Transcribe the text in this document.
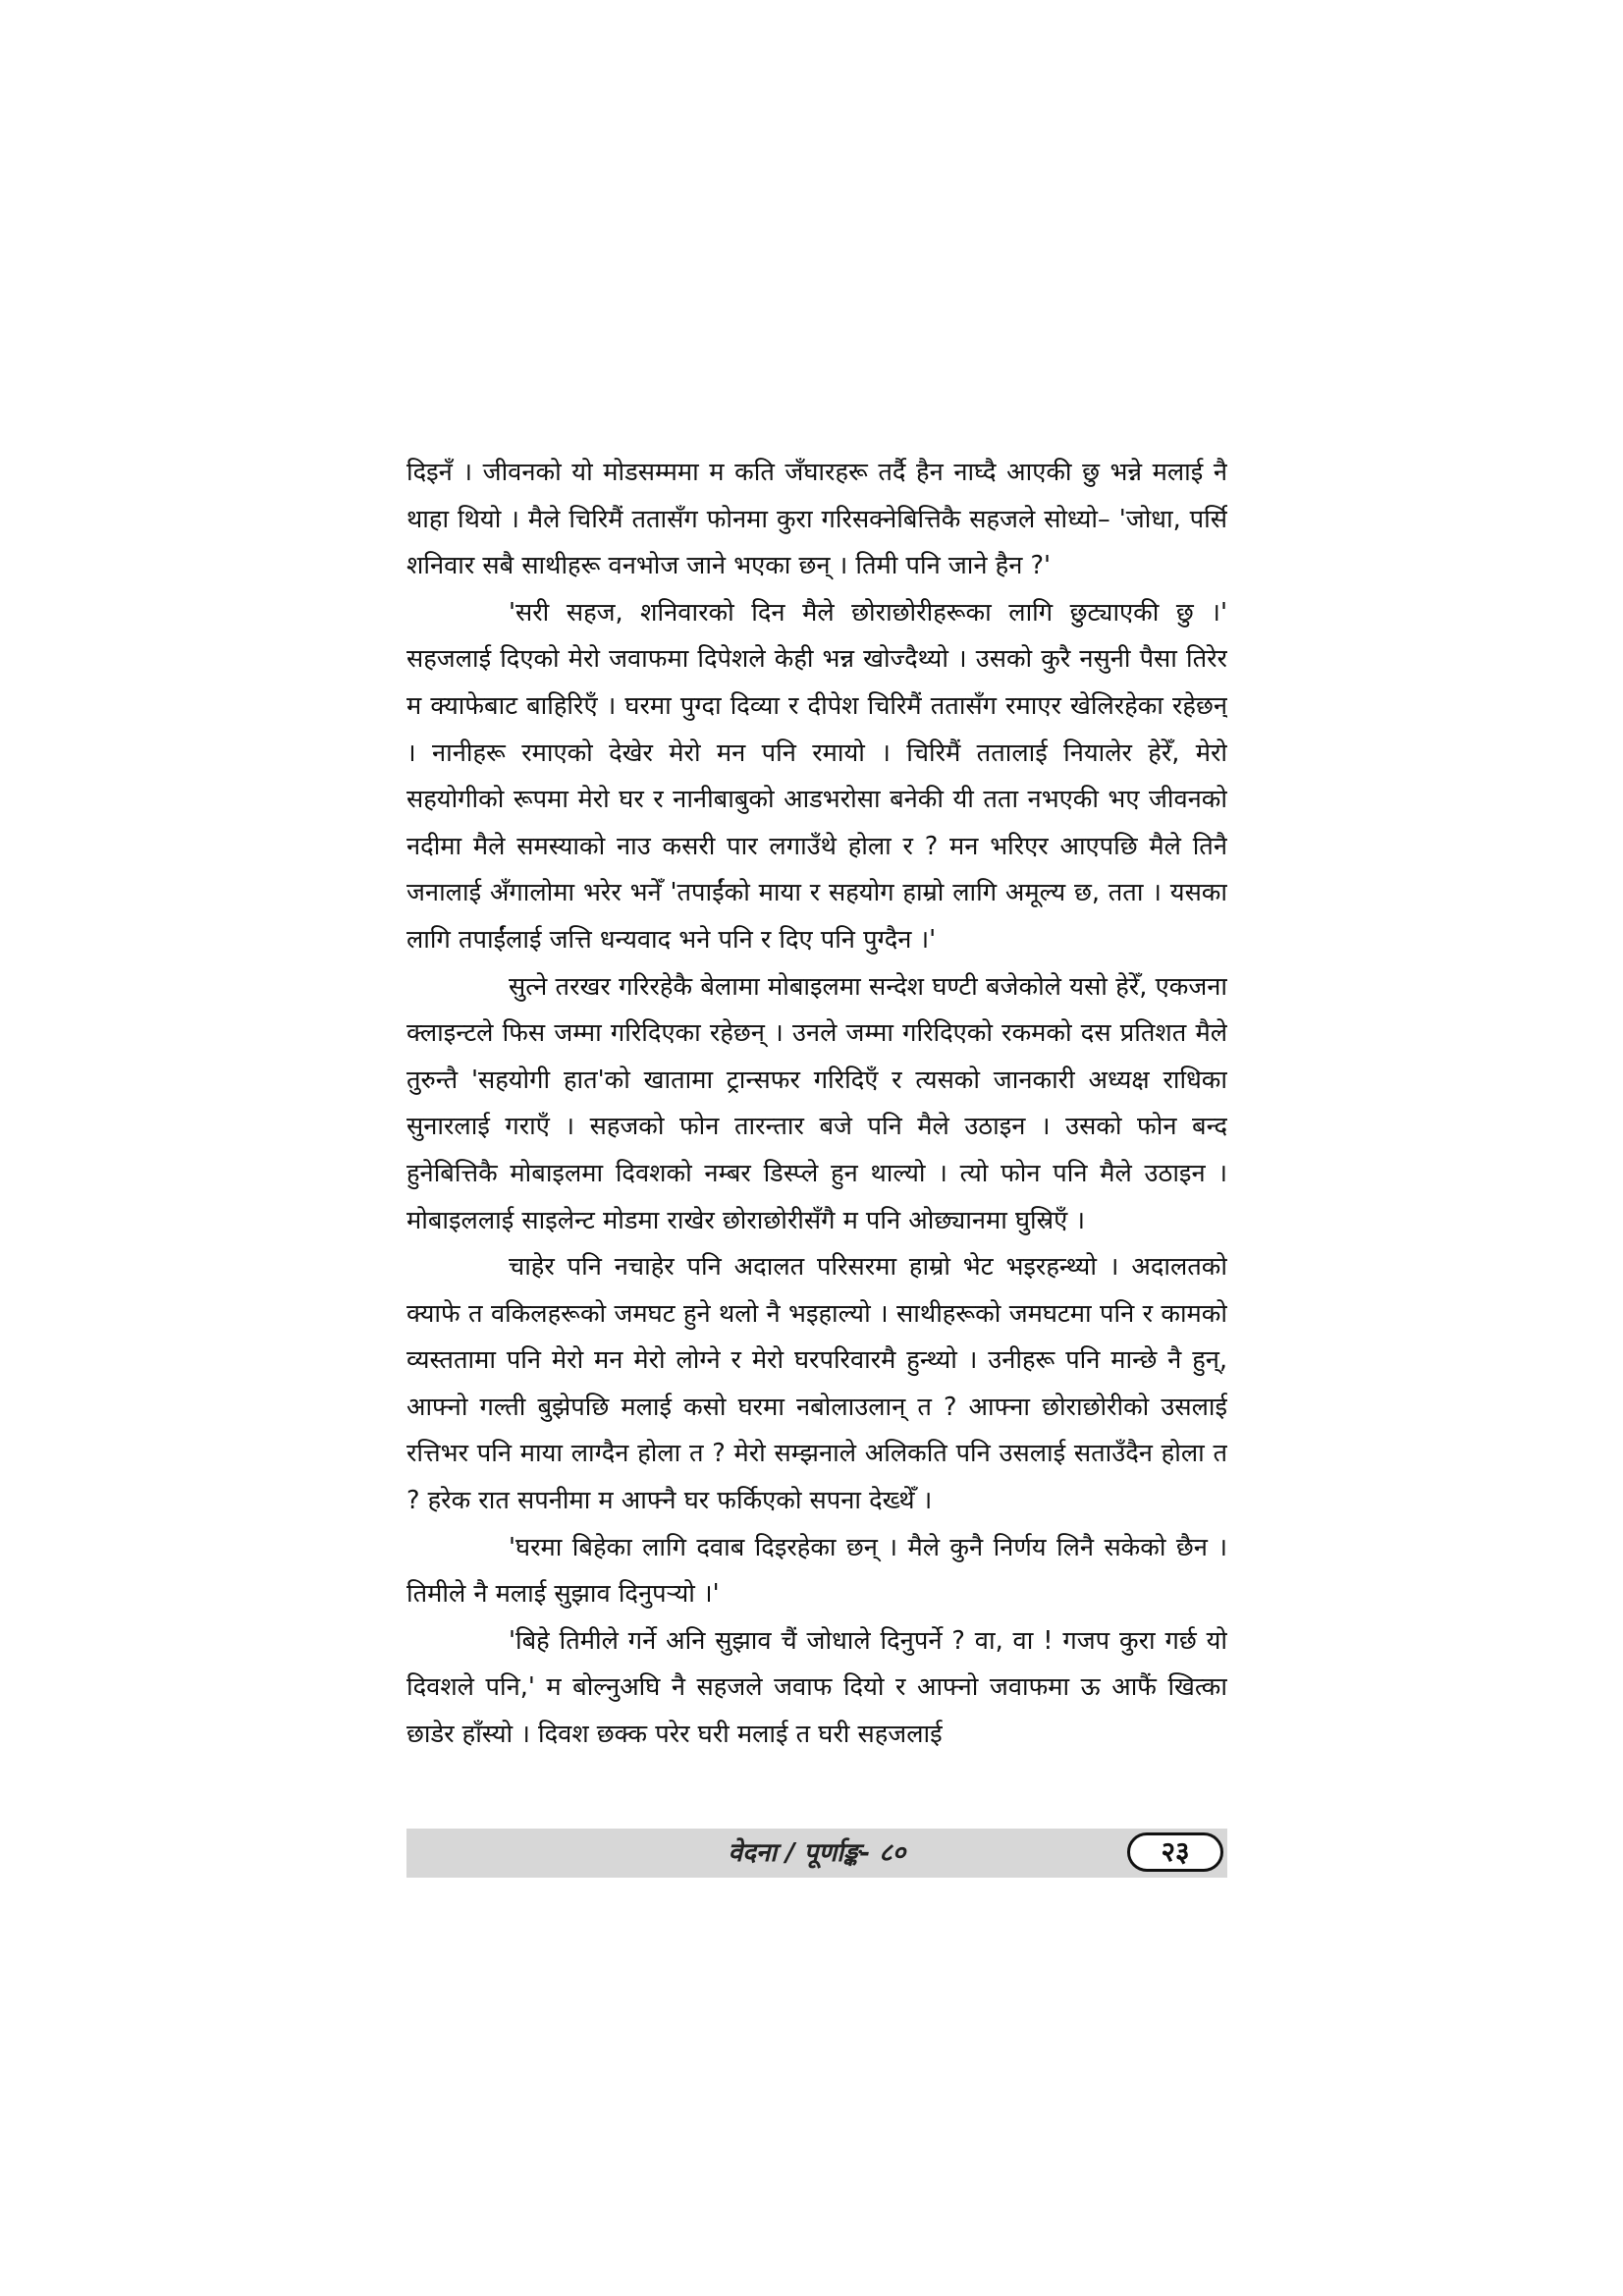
दिइनँ । जीवनको यो मोडसम्ममा म कति जँघारहरू तर्दै हैन नाघ्दै आएकी छु भन्ने मलाई नै थाहा थियो । मैले चिरिमैं ततासँग फोनमा कुरा गरिसक्नेबित्तिकै सहजले सोध्यो– 'जोधा, पर्सि शनिवार सबै साथीहरू वनभोज जाने भएका छन् । तिमी पनि जाने हैन ?'

'सरी सहज, शनिवारको दिन मैले छोराछोरीहरूका लागि छुट्याएकी छु ।' सहजलाई दिएको मेरो जवाफमा दिपेशले केही भन्न खोज्दैथ्यो । उसको कुरै नसुनी पैसा तिरेर म क्याफेबाट बाहिरिएँ । घरमा पुग्दा दिव्या र दीपेश चिरिमैं ततासँग रमाएर खेलिरहेका रहेछन् । नानीहरू रमाएको देखेर मेरो मन पनि रमायो । चिरिमैं ततालाई नियालेर हेरेँ, मेरो सहयोगीको रूपमा मेरो घर र नानीबाबुको आडभरोसा बनेकी यी तता नभएकी भए जीवनको नदीमा मैले समस्याको नाउ कसरी पार लगाउँथे होला र ? मन भरिएर आएपछि मैले तिनै जनालाई अँगालोमा भरेर भनेँ 'तपाईंको माया र सहयोग हाम्रो लागि अमूल्य छ, तता । यसका लागि तपाईंलाई जत्ति धन्यवाद भने पनि र दिए पनि पुग्दैन ।'

सुत्ने तरखर गरिरहेकै बेलामा मोबाइलमा सन्देश घण्टी बजेकोले यसो हेरेँ, एकजना क्लाइन्टले फिस जम्मा गरिदिएका रहेछन् । उनले जम्मा गरिदिएको रकमको दस प्रतिशत मैले तुरुन्तै 'सहयोगी हात'को खातामा ट्रान्सफर गरिदिएँ र त्यसको जानकारी अध्यक्ष राधिका सुनारलाई गराएँ । सहजको फोन तारन्तार बजे पनि मैले उठाइन । उसको फोन बन्द हुनेबित्तिकै मोबाइलमा दिवशको नम्बर डिस्प्ले हुन थाल्यो । त्यो फोन पनि मैले उठाइन । मोबाइललाई साइलेन्ट मोडमा राखेर छोराछोरीसँगै म पनि ओछ्यानमा घुस्रिएँ ।

चाहेर पनि नचाहेर पनि अदालत परिसरमा हाम्रो भेट भइरहन्थ्यो । अदालतको क्याफे त वकिलहरूको जमघट हुने थलो नै भइहाल्यो । साथीहरूको जमघटमा पनि र कामको व्यस्ततामा पनि मेरो मन मेरो लोग्ने र मेरो घरपरिवारमै हुन्थ्यो । उनीहरू पनि मान्छे नै हुन्, आफ्नो गल्ती बुझेपछि मलाई कसो घरमा नबोलाउलान् त ? आफ्ना छोराछोरीको उसलाई रत्तिभर पनि माया लाग्दैन होला त ? मेरो सम्झनाले अलिकति पनि उसलाई सताउँदैन होला त ? हरेक रात सपनीमा म आफ्नै घर फर्किएको सपना देख्थेँ ।

'घरमा बिहेका लागि दवाब दिइरहेका छन् । मैले कुनै निर्णय लिनै सकेको छैन । तिमीले नै मलाई सुझाव दिनुपर्‍यो ।'

'बिहे तिमीले गर्ने अनि सुझाव चैं जोधाले दिनुपर्ने ? वा, वा ! गजप कुरा गर्छ यो दिवशले पनि,' म बोल्नुअघि नै सहजले जवाफ दियो र आफ्नो जवाफमा ऊ आफैं खित्का छाडेर हाँस्यो । दिवश छक्क परेर घरी मलाई त घरी सहजलाई

वेदना / पूर्णाङ्क- ८०	२३
